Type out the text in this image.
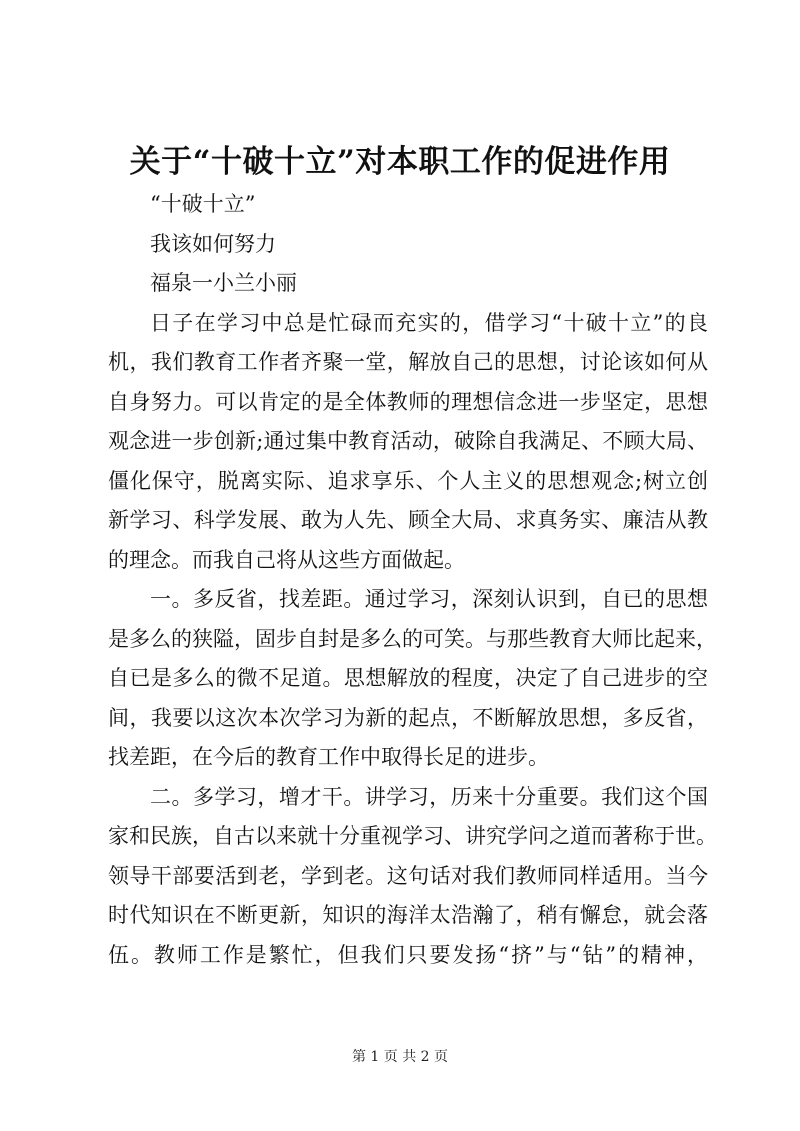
关于“十破十立”对本职工作的促进作用
“十破十立”
我该如何努力
福泉一小兰小丽
日子在学习中总是忙碌而充实的，借学习“十破十立”的良
机，我们教育工作者齐聚一堂，解放自己的思想，讨论该如何从
自身努力。可以肯定的是全体教师的理想信念进一步坚定，思想
观念进一步创新;通过集中教育活动，破除自我满足、不顾大局、
僵化保守，脱离实际、追求享乐、个人主义的思想观念;树立创
新学习、科学发展、敢为人先、顾全大局、求真务实、廉洁从教
的理念。而我自己将从这些方面做起。
一。多反省，找差距。通过学习，深刻认识到，自已的思想
是多么的狭隘，固步自封是多么的可笑。与那些教育大师比起来，
自已是多么的微不足道。思想解放的程度，决定了自己进步的空
间，我要以这次本次学习为新的起点，不断解放思想，多反省，
找差距，在今后的教育工作中取得长足的进步。
二。多学习，增才干。讲学习，历来十分重要。我们这个国
家和民族，自古以来就十分重视学习、讲究学问之道而著称于世。
领导干部要活到老，学到老。这句话对我们教师同样适用。当今
时代知识在不断更新，知识的海洋太浩瀚了，稍有懈怠，就会落
伍。教师工作是繁忙，但我们只要发扬“挤”与“钻”的精神，
第 1 页 共 2 页
